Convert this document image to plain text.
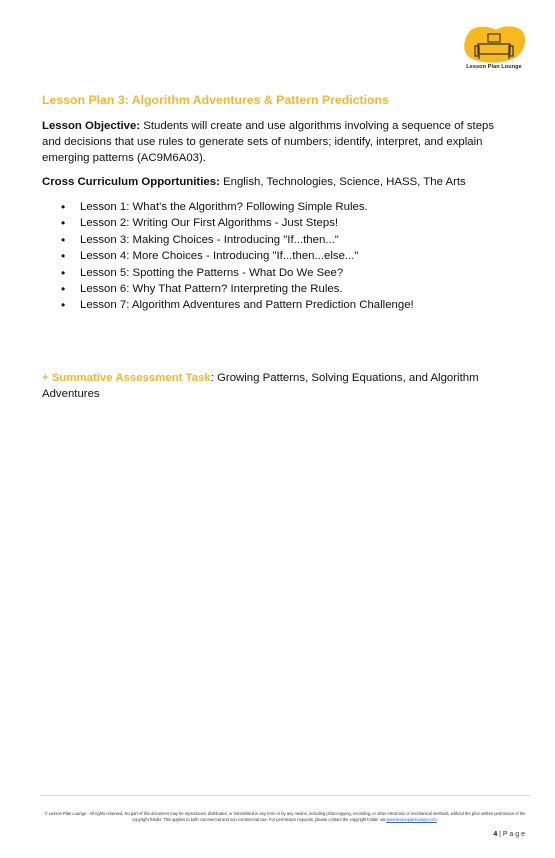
Lesson Plan Lounge
Lesson Plan 3: Algorithm Adventures & Pattern Predictions
Lesson Objective: Students will create and use algorithms involving a sequence of steps and decisions that use rules to generate sets of numbers; identify, interpret, and explain emerging patterns (AC9M6A03).
Cross Curriculum Opportunities: English, Technologies, Science, HASS, The Arts
• Lesson 1: What's the Algorithm? Following Simple Rules.
• Lesson 2: Writing Our First Algorithms - Just Steps!
• Lesson 3: Making Choices - Introducing "If...then..."
• Lesson 4: More Choices - Introducing "If...then...else..."
• Lesson 5: Spotting the Patterns - What Do We See?
• Lesson 6: Why That Pattern? Interpreting the Rules.
• Lesson 7: Algorithm Adventures and Pattern Prediction Challenge!
+ Summative Assessment Task: Growing Patterns, Solving Equations, and Algorithm Adventures
© Lesson Plan Lounge - All rights reserved. No part of this document may be reproduced, distributed, or transmitted in any form or by any means, including photocopying, recording, or other electronic or mechanical methods, without the prior written permission of the copyright holder. This applies to both commercial and non-commercial use. For permission requests, please contact the copyright holder via www.lessonplanlounge.com.
4 | P a g e
